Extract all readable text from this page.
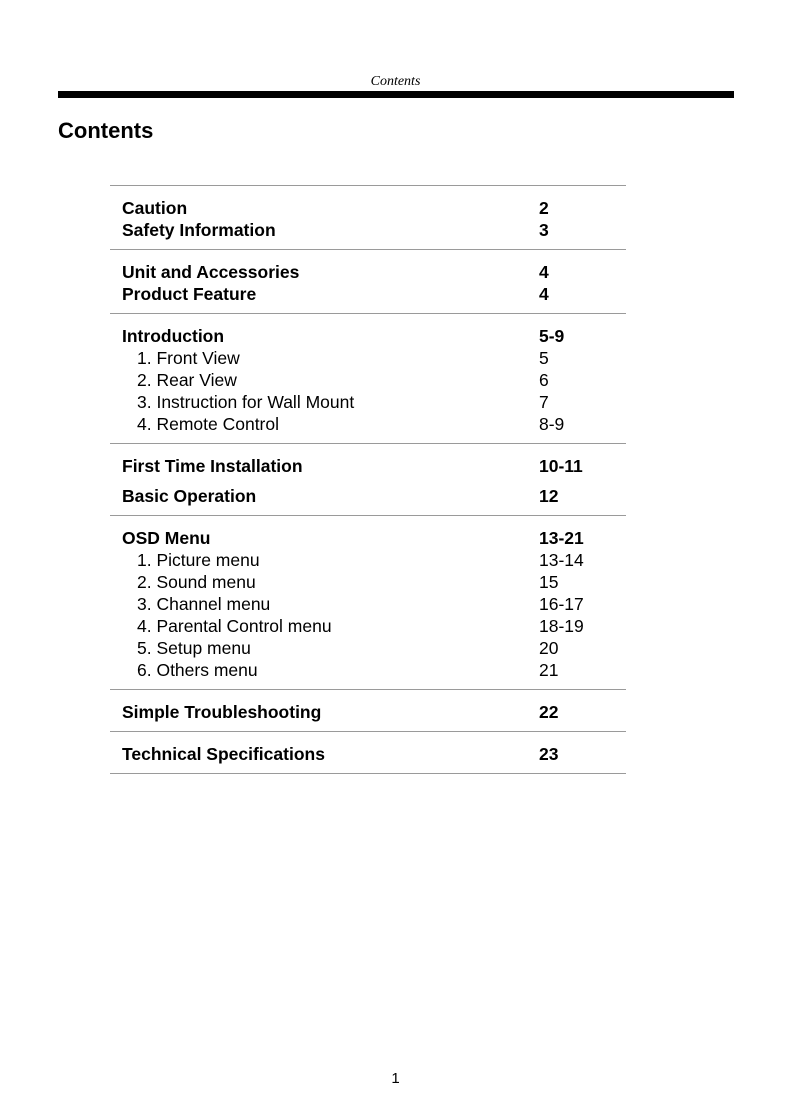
Contents
Contents
Caution	2
Safety Information	3
Unit and Accessories	4
Product Feature	4
Introduction	5-9
1. Front View	5
2. Rear View	6
3. Instruction for Wall Mount	7
4. Remote Control	8-9
First Time Installation	10-11
Basic Operation	12
OSD Menu	13-21
1. Picture menu	13-14
2. Sound menu	15
3. Channel menu	16-17
4. Parental Control menu	18-19
5. Setup menu	20
6. Others menu	21
Simple Troubleshooting	22
Technical Specifications	23
1
